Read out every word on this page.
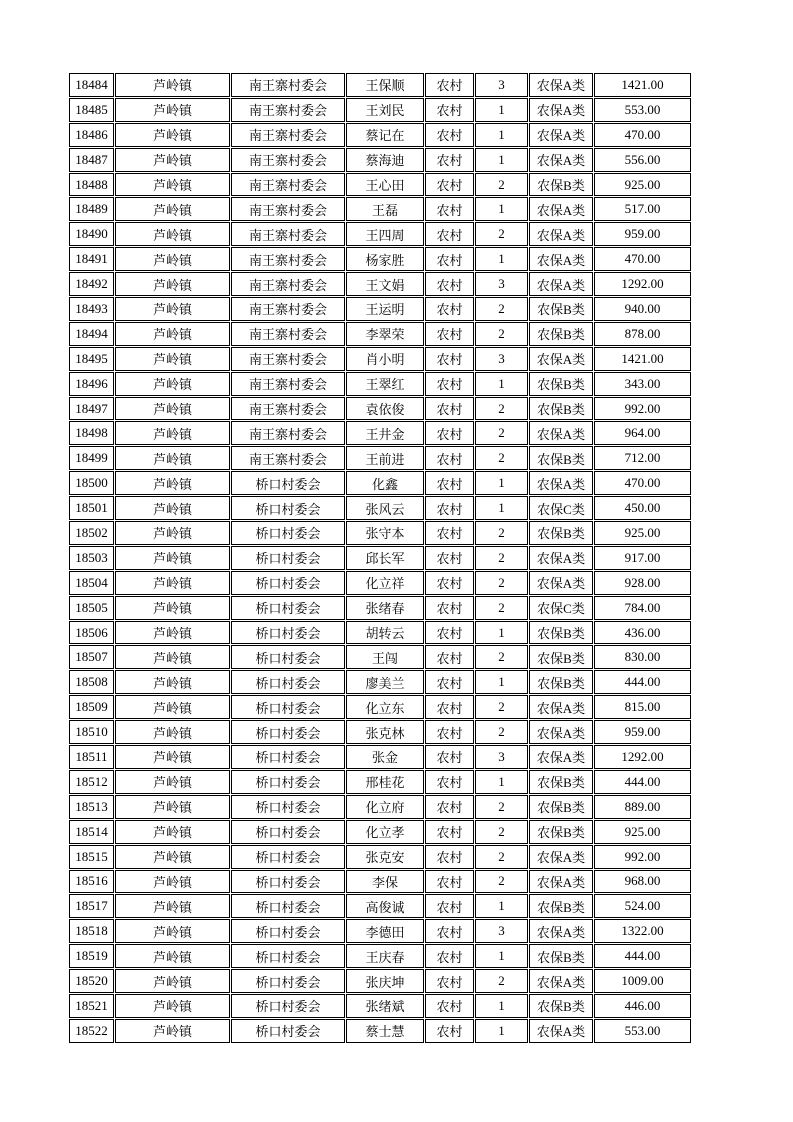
18484	芦岭镇	南王寨村委会	王保顺	农村	3	农保A类	1421.00
18485	芦岭镇	南王寨村委会	王刘民	农村	1	农保A类	553.00
18486	芦岭镇	南王寨村委会	蔡记在	农村	1	农保A类	470.00
18487	芦岭镇	南王寨村委会	蔡海迪	农村	1	农保A类	556.00
18488	芦岭镇	南王寨村委会	王心田	农村	2	农保B类	925.00
18489	芦岭镇	南王寨村委会	王磊	农村	1	农保A类	517.00
18490	芦岭镇	南王寨村委会	王四周	农村	2	农保A类	959.00
18491	芦岭镇	南王寨村委会	杨家胜	农村	1	农保A类	470.00
18492	芦岭镇	南王寨村委会	王文娟	农村	3	农保A类	1292.00
18493	芦岭镇	南王寨村委会	王运明	农村	2	农保B类	940.00
18494	芦岭镇	南王寨村委会	李翠荣	农村	2	农保B类	878.00
18495	芦岭镇	南王寨村委会	肖小明	农村	3	农保A类	1421.00
18496	芦岭镇	南王寨村委会	王翠红	农村	1	农保B类	343.00
18497	芦岭镇	南王寨村委会	袁依俊	农村	2	农保B类	992.00
18498	芦岭镇	南王寨村委会	王井金	农村	2	农保A类	964.00
18499	芦岭镇	南王寨村委会	王前进	农村	2	农保B类	712.00
18500	芦岭镇	桥口村委会	化鑫	农村	1	农保A类	470.00
18501	芦岭镇	桥口村委会	张风云	农村	1	农保C类	450.00
18502	芦岭镇	桥口村委会	张守本	农村	2	农保B类	925.00
18503	芦岭镇	桥口村委会	邱长军	农村	2	农保A类	917.00
18504	芦岭镇	桥口村委会	化立祥	农村	2	农保A类	928.00
18505	芦岭镇	桥口村委会	张绪春	农村	2	农保C类	784.00
18506	芦岭镇	桥口村委会	胡转云	农村	1	农保B类	436.00
18507	芦岭镇	桥口村委会	王闯	农村	2	农保B类	830.00
18508	芦岭镇	桥口村委会	廖美兰	农村	1	农保B类	444.00
18509	芦岭镇	桥口村委会	化立东	农村	2	农保A类	815.00
18510	芦岭镇	桥口村委会	张克林	农村	2	农保A类	959.00
18511	芦岭镇	桥口村委会	张金	农村	3	农保A类	1292.00
18512	芦岭镇	桥口村委会	邢桂花	农村	1	农保B类	444.00
18513	芦岭镇	桥口村委会	化立府	农村	2	农保B类	889.00
18514	芦岭镇	桥口村委会	化立孝	农村	2	农保B类	925.00
18515	芦岭镇	桥口村委会	张克安	农村	2	农保A类	992.00
18516	芦岭镇	桥口村委会	李保	农村	2	农保A类	968.00
18517	芦岭镇	桥口村委会	高俊诚	农村	1	农保B类	524.00
18518	芦岭镇	桥口村委会	李德田	农村	3	农保A类	1322.00
18519	芦岭镇	桥口村委会	王庆春	农村	1	农保B类	444.00
18520	芦岭镇	桥口村委会	张庆坤	农村	2	农保A类	1009.00
18521	芦岭镇	桥口村委会	张绪斌	农村	1	农保B类	446.00
18522	芦岭镇	桥口村委会	蔡士慧	农村	1	农保A类	553.00
